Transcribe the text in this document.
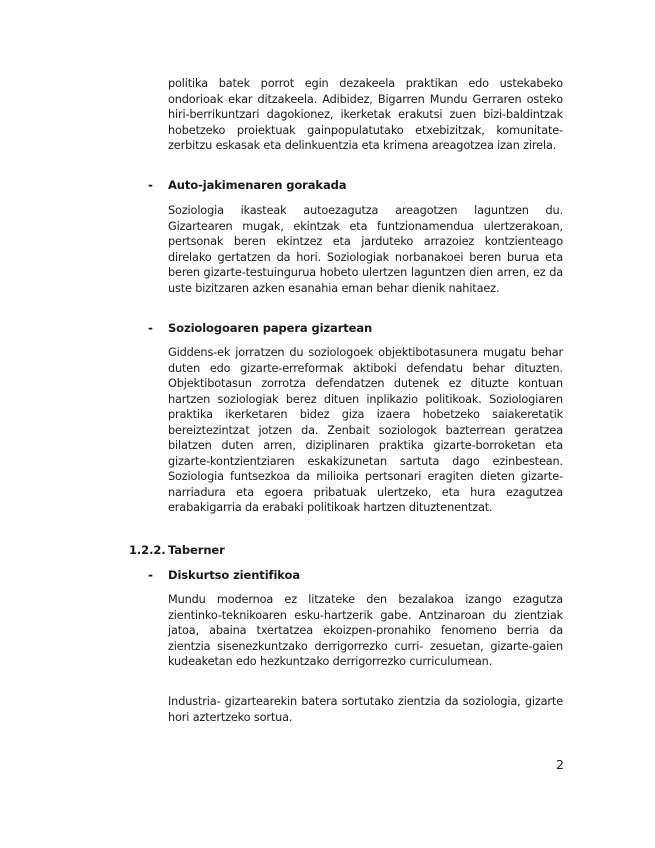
politika batek porrot egin dezakeela praktikan edo ustekabeko ondorioak ekar ditzakeela. Adibidez, Bigarren Mundu Gerraren osteko hiri-berrikuntzari dagokionez, ikerketak erakutsi zuen bizi-baldintzak hobetzeko proiektuak gainpopulatutako etxebizitzak, komunitate-zerbitzu eskasak eta delinkuentzia eta krimena areagotzea izan zirela.

- Auto-jakimenaren gorakada

Soziologia ikasteak autoezagutza areagotzen laguntzen du. Gizartearen mugak, ekintzak eta funtzionamendua ulertzerakoan, pertsonak beren ekintzez eta jarduteko arrazoiez kontzienteago direlako gertatzen da hori. Soziologiak norbanakoei beren burua eta beren gizarte-testuingurua hobeto ulertzen laguntzen dien arren, ez da uste bizitzaren azken esanahia eman behar dienik nahitaez.

- Soziologoaren papera gizartean

Giddens-ek jorratzen du soziologoek objektibotasunera mugatu behar duten edo gizarte-erreformak aktiboki defendatu behar dituzten. Objektibotasun zorrotza defendatzen dutenek ez dituzte kontuan hartzen soziologiak berez dituen inplikazio politikoak. Soziologiaren praktika ikerketaren bidez giza izaera hobetzeko saiakeretatik bereiztezintzat jotzen da. Zenbait soziologok bazterrean geratzea bilatzen duten arren, diziplinaren praktika gizarte-borroketan eta gizarte-kontzientziaren eskakizunetan sartuta dago ezinbestean. Soziologia funtsezkoa da milioika pertsonari eragiten dieten gizarte-narriadura eta egoera pribatuak ulertzeko, eta hura ezagutzea erabakigarria da erabaki politikoak hartzen dituztenentzat.

1.2.2. Taberner

- Diskurtso zientifikoa

Mundu modernoa ez litzateke den bezalakoa izango ezagutza zientinko-teknikoaren esku-hartzerik gabe. Antzinaroan du zientziak jatoa, abaina txertatzea ekoizpen-pronahiko fenomeno berria da zientzia sisenezkuntzako derrigorrezko curri- zesuetan, gizarte-gaien kudeaketan edo hezkuntzako derrigorrezko curriculumean.

Industria- gizartearekin batera sortutako zientzia da soziologia, gizarte hori aztertzeko sortua.

2
